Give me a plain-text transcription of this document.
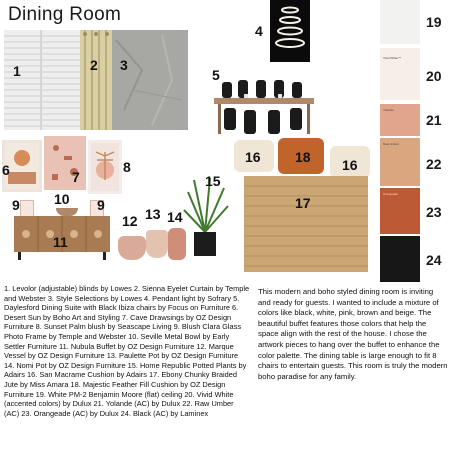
Dining Room
1	2 3
4
5
6	7
8
9 10 9
11
12 13 14
15
16 18 16
17
19
Vivid White™
20
Yolande
21
Raw Umber
22
Orangeade
23
24
1. Levolor (adjustable) blinds by Lowes 2. Sienna Eyelet Curtain by Temple and Webster 3. Style Selections by Lowes 4. Pendant light by Sofrary 5. Daylesford Dining Suite with Black Ibiza chairs by Focus on Furniture 6. Desert Sun by Boho Art and Styling 7. Cave Drawsings by OZ Design Furniture 8. Sunset Palm blush by Seascape Living 9. Blush Clara Glass Photo Frame by Temple and Webster 10. Seville Metal Bowl by Early Settler Furniture 11. Nubula Buffet by OZ Design Furniture 12. Marque Vessel by OZ Design Furniture 13. Paulette Pot by OZ Design Furniture 14. Nomi Pot by OZ Design Furniture 15. Home Republic Potted Plants by Adairs 16. San Macrame Cushion by Adairs 17. Ebony Chunky Braided Jute by Miss Amara 18. Majestic Feather Fill Cushion by OZ Design Furniture 19. White PM-2 Benjamin Moore (flat) ceiling 20. Vivid White (accented colors) by Dulux 21. Yolande (AC) by Dulux 22. Raw Umber (AC) 23. Orangeade (AC) by Dulux 24. Black (AC) by Laminex
This modern and boho styled dining room is inviting and ready for guests. I wanted to include a mixture of colors like black, white, pink, brown and beige. The beautiful buffet features those colors that help the space align with the rest of the house. I chose the artwork pieces to hang over the buffet to enhance the color palette. The dining table is large enough to fit 8 chairs to entertain guests. This room is truly the modern boho paradise for any family.
